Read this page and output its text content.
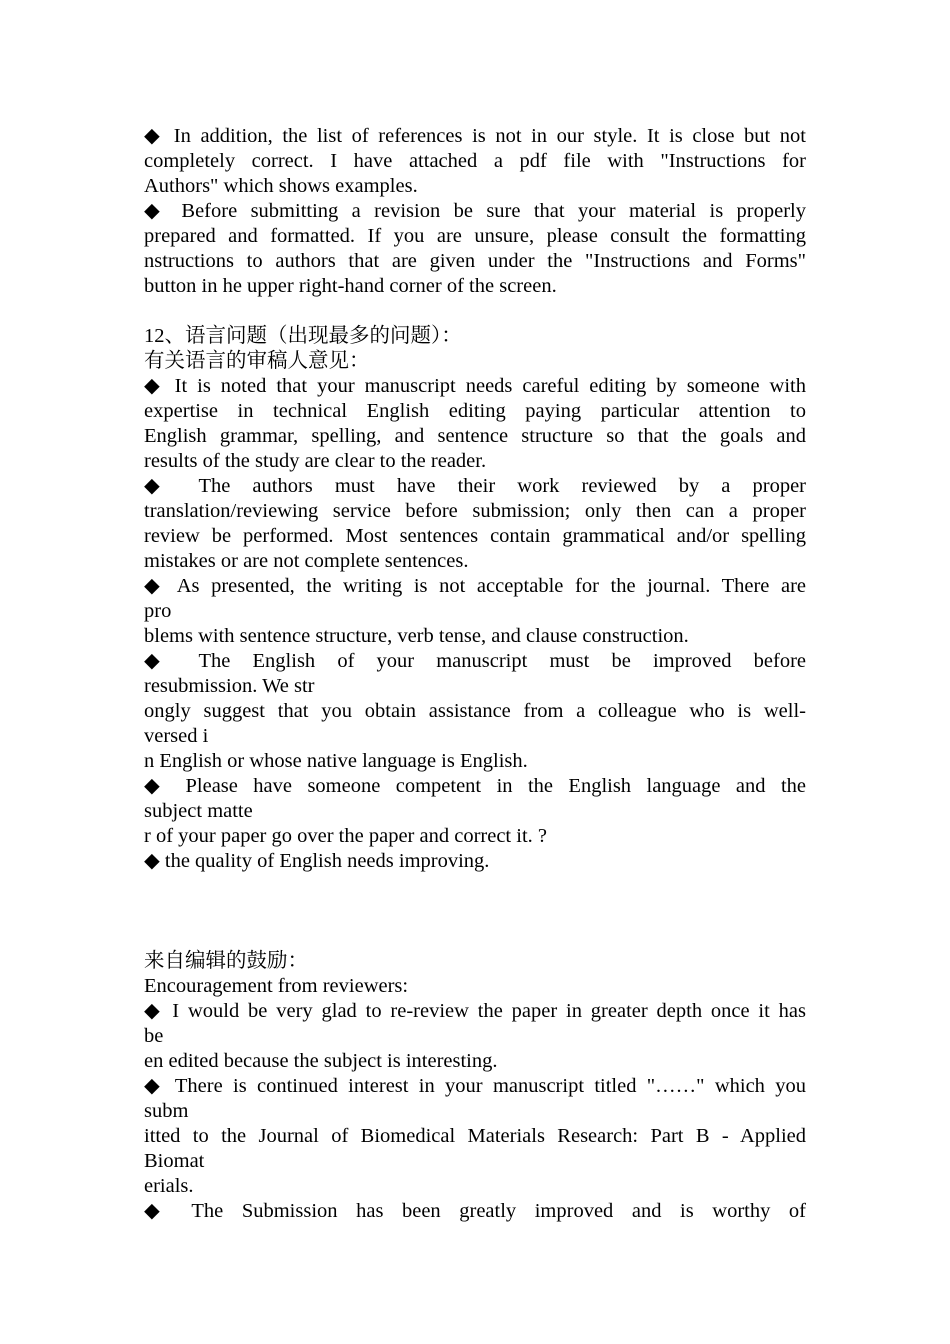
◆ In addition, the list of references is not in our style. It is close but not
completely correct. I have attached a pdf file with "Instructions for
Authors" which shows examples.
◆ Before submitting a revision be sure that your material is properly
prepared and formatted. If you are unsure, please consult the formatting
nstructions to authors that are given under the "Instructions and Forms"
button in he upper right-hand corner of the screen.
12、语言问题（出现最多的问题）：
有关语言的审稿人意见：
◆ It is noted that your manuscript needs careful editing by someone with
expertise in technical English editing paying particular attention to
English grammar, spelling, and sentence structure so that the goals and
results of the study are clear to the reader.
◆ The authors must have their work reviewed by a proper
translation/reviewing service before submission; only then can a proper
review be performed. Most sentences contain grammatical and/or spelling
mistakes or are not complete sentences.
◆ As presented, the writing is not acceptable for the journal. There are
pro
blems with sentence structure, verb tense, and clause construction.
◆ The English of your manuscript must be improved before
resubmission. We str
ongly suggest that you obtain assistance from a colleague who is well-
versed i
n English or whose native language is English.
◆ Please have someone competent in the English language and the
subject matte
r of your paper go over the paper and correct it. ?
◆ the quality of English needs improving.
来自编辑的鼓励：
Encouragement from reviewers:
◆ I would be very glad to re-review the paper in greater depth once it has
be
en edited because the subject is interesting.
◆ There is continued interest in your manuscript titled "……" which you
subm
itted to the Journal of Biomedical Materials Research: Part B - Applied
Biomat
erials.
◆ The Submission has been greatly improved and is worthy of
